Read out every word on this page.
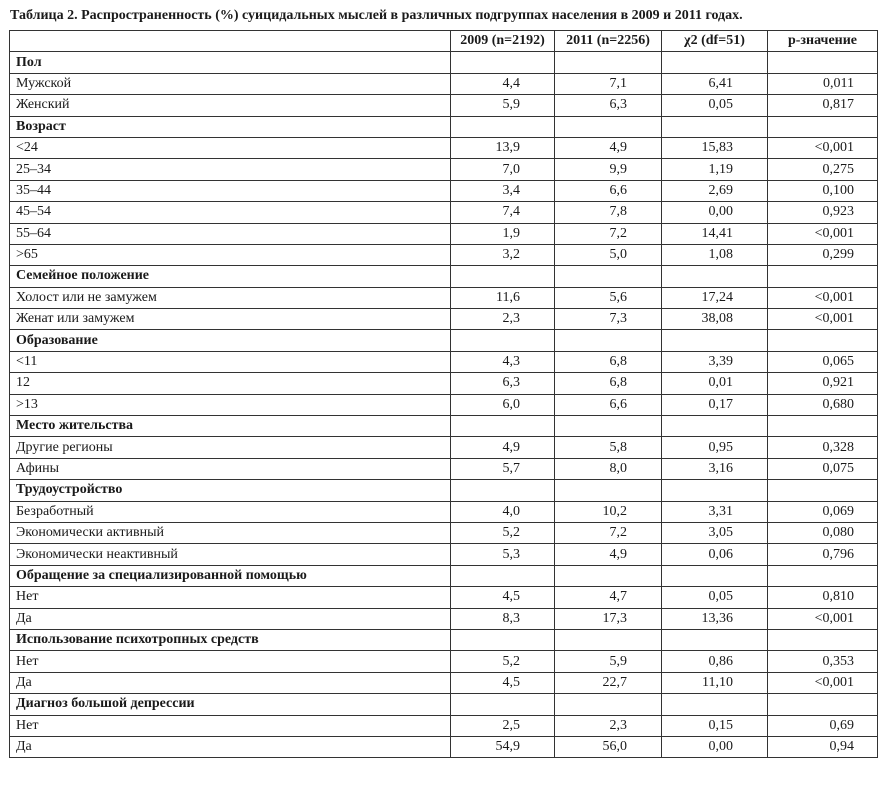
Таблица 2. Распространенность (%) суицидальных мыслей в различных подгруппах населения в 2009 и 2011 годах.
	2009 (n=2192)	2011 (n=2256)	χ2 (df=51)	p-значение
Пол				
Мужской	4,4	7,1	6,41	0,011
Женский	5,9	6,3	0,05	0,817
Возраст				
<24	13,9	4,9	15,83	<0,001
25–34	7,0	9,9	1,19	0,275
35–44	3,4	6,6	2,69	0,100
45–54	7,4	7,8	0,00	0,923
55–64	1,9	7,2	14,41	<0,001
>65	3,2	5,0	1,08	0,299
Семейное положение				
Холост или не замужем	11,6	5,6	17,24	<0,001
Женат или замужем	2,3	7,3	38,08	<0,001
Образование				
<11	4,3	6,8	3,39	0,065
12	6,3	6,8	0,01	0,921
>13	6,0	6,6	0,17	0,680
Место жительства				
Другие регионы	4,9	5,8	0,95	0,328
Афины	5,7	8,0	3,16	0,075
Трудоустройство				
Безработный	4,0	10,2	3,31	0,069
Экономически активный	5,2	7,2	3,05	0,080
Экономически неактивный	5,3	4,9	0,06	0,796
Обращение за специализированной помощью				
Нет	4,5	4,7	0,05	0,810
Да	8,3	17,3	13,36	<0,001
Использование психотропных средств				
Нет	5,2	5,9	0,86	0,353
Да	4,5	22,7	11,10	<0,001
Диагноз большой депрессии				
Нет	2,5	2,3	0,15	0,69
Да	54,9	56,0	0,00	0,94
